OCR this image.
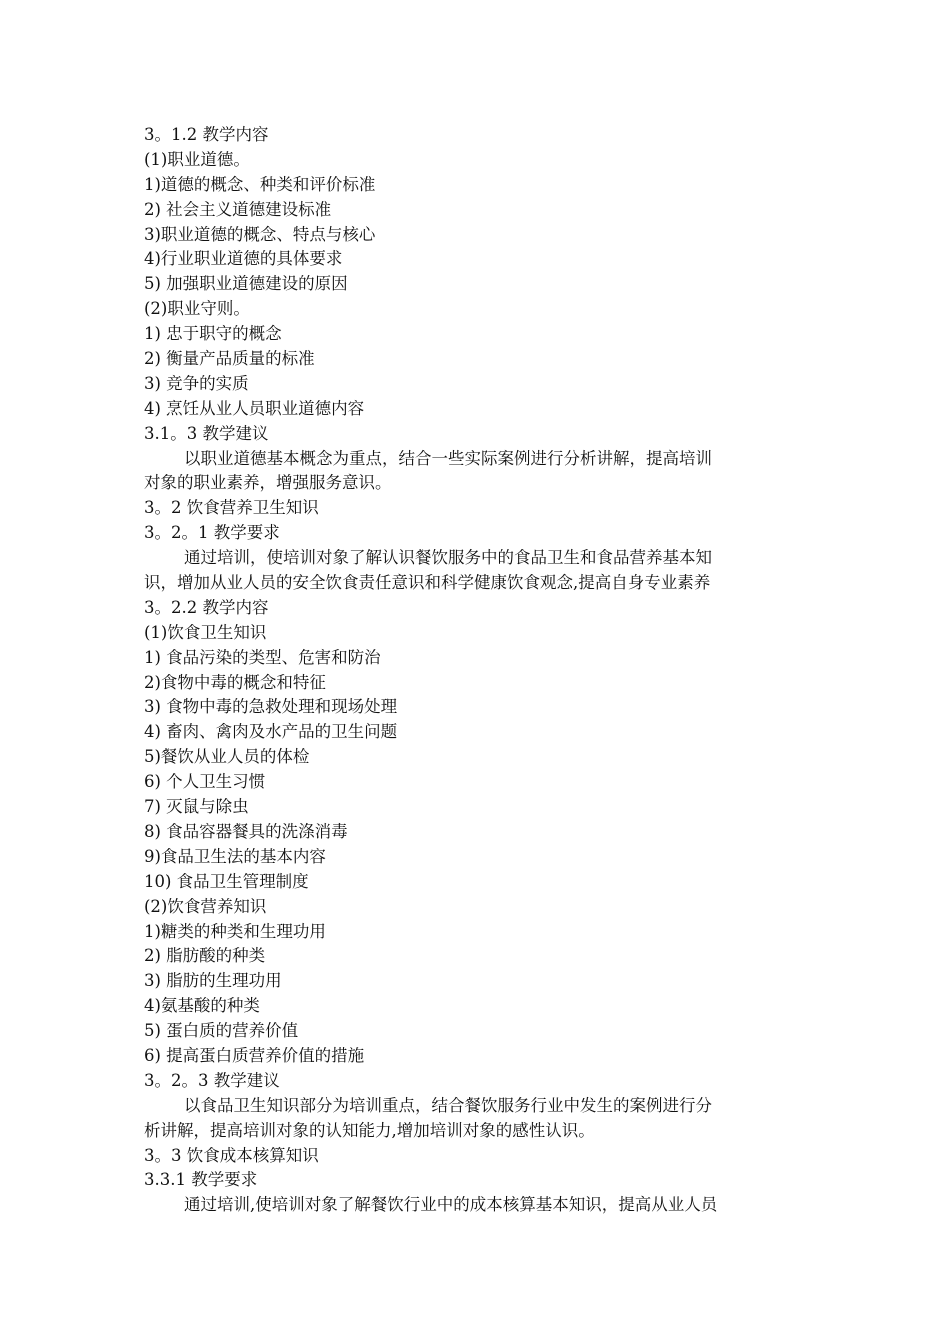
3。1.2 教学内容
(1)职业道德。
1)道德的概念、种类和评价标准
2) 社会主义道德建设标准
3)职业道德的概念、特点与核心
4)行业职业道德的具体要求
5) 加强职业道德建设的原因
(2)职业守则。
1) 忠于职守的概念
2) 衡量产品质量的标准
3) 竞争的实质
4) 烹饪从业人员职业道德内容
3.1。3 教学建议
以职业道德基本概念为重点，结合一些实际案例进行分析讲解，提高培训
对象的职业素养，增强服务意识。
3。2 饮食营养卫生知识
3。2。1 教学要求
通过培训，使培训对象了解认识餐饮服务中的食品卫生和食品营养基本知
识，增加从业人员的安全饮食责任意识和科学健康饮食观念,提高自身专业素养
3。2.2 教学内容
(1)饮食卫生知识
1) 食品污染的类型、危害和防治
2)食物中毒的概念和特征
3) 食物中毒的急救处理和现场处理
4) 畜肉、禽肉及水产品的卫生问题
5)餐饮从业人员的体检
6) 个人卫生习惯
7) 灭鼠与除虫
8) 食品容器餐具的洗涤消毒
9)食品卫生法的基本内容
10) 食品卫生管理制度
(2)饮食营养知识
1)糖类的种类和生理功用
2) 脂肪酸的种类
3) 脂肪的生理功用
4)氨基酸的种类
5) 蛋白质的营养价值
6) 提高蛋白质营养价值的措施
3。2。3 教学建议
以食品卫生知识部分为培训重点，结合餐饮服务行业中发生的案例进行分
析讲解，提高培训对象的认知能力,增加培训对象的感性认识。
3。3 饮食成本核算知识
3.3.1 教学要求
通过培训,使培训对象了解餐饮行业中的成本核算基本知识，提高从业人员
